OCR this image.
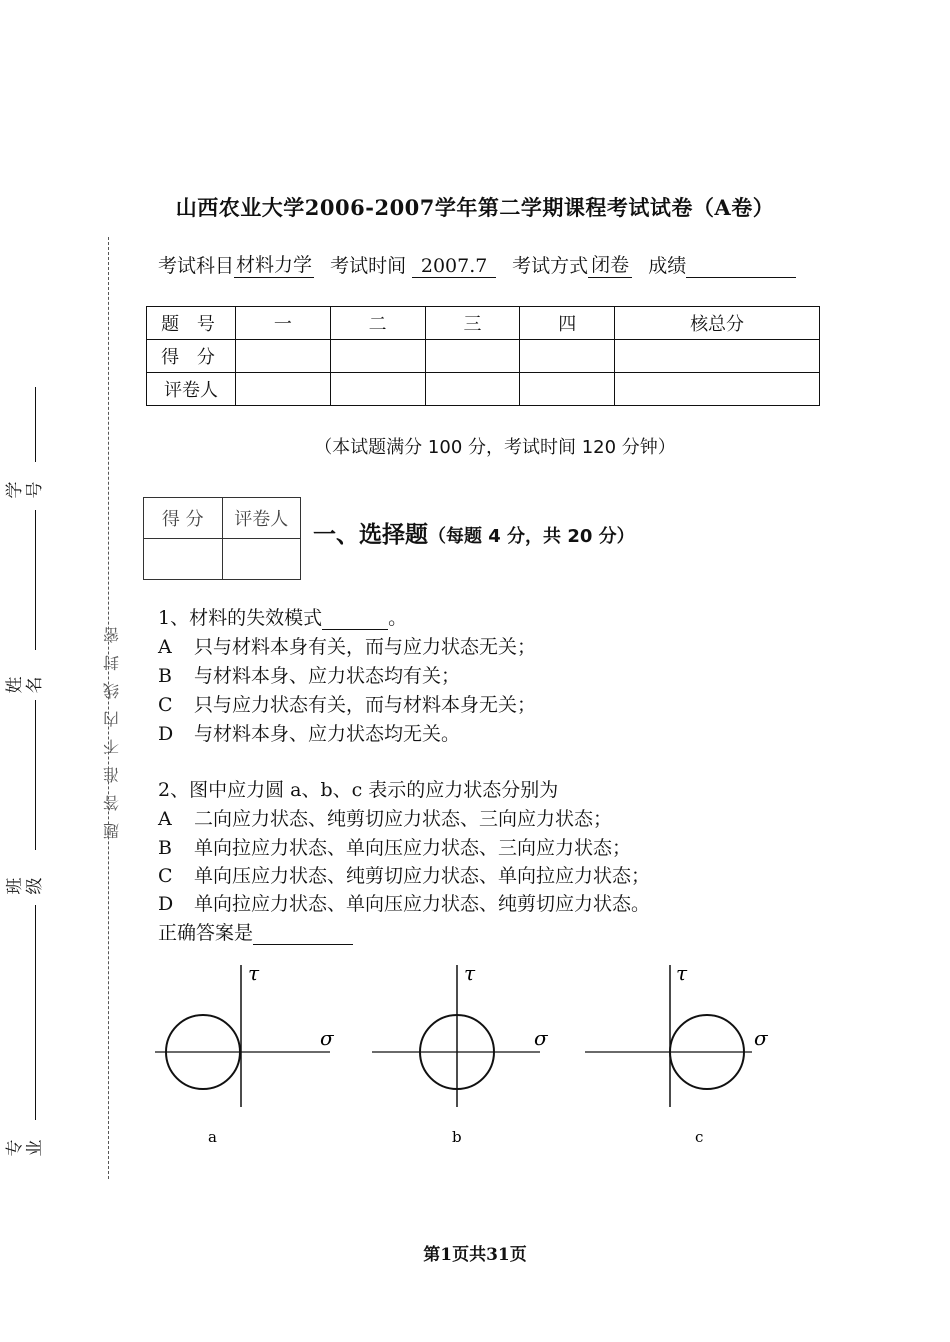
山西农业大学2006-2007学年第二学期课程考试试卷（A卷）
考试科目 材料力学 考试时间 2007.7 考试方式 闭卷 成绩
题 号	一	二	三	四	核总分
得 分					
评卷人					
（本试题满分 100 分，考试时间 120 分钟）
得 分	评卷人

一、选择题（每题 4 分，共 20 分）
1、材料的失效模式	。
A 只与材料本身有关，而与应力状态无关；
B 与材料本身、应力状态均有关；
C 只与应力状态有关，而与材料本身无关；
D 与材料本身、应力状态均无关。
2、图中应力圆 a、b、c 表示的应力状态分别为
A 二向应力状态、纯剪切应力状态、三向应力状态；
B 单向拉应力状态、单向压应力状态、三向应力状态；
C 单向压应力状态、纯剪切应力状态、单向拉应力状态；
D 单向拉应力状态、单向压应力状态、纯剪切应力状态。
正确答案是
τ
σ
a
τ
σ
b
τ
σ
c
题
答
准
不
内
线
封
密
学号
姓名
班级
专业
第1页共31页
